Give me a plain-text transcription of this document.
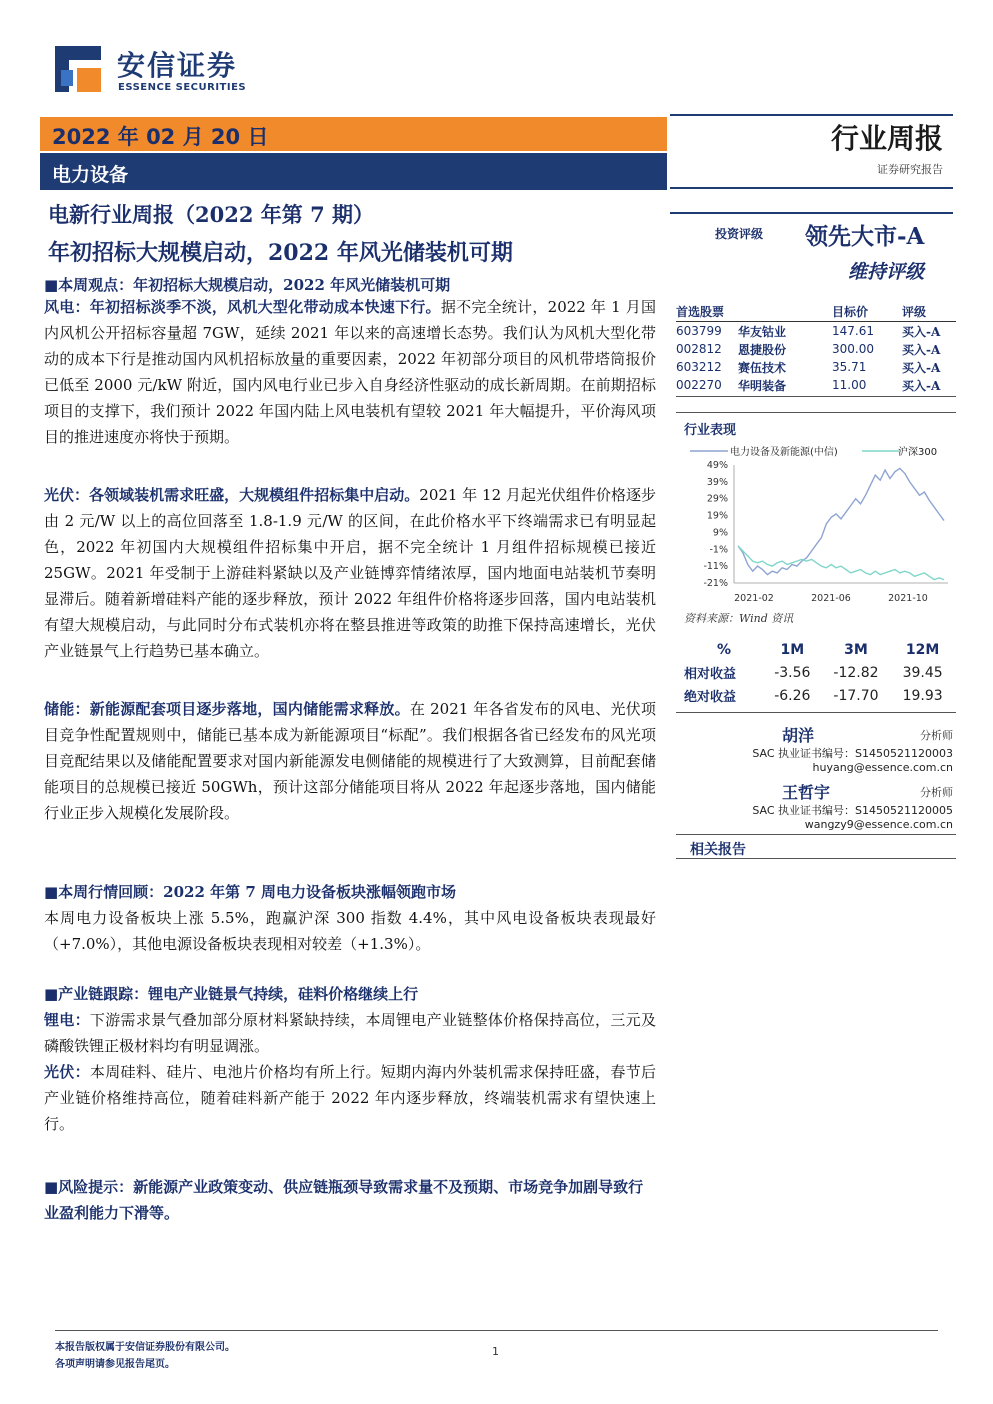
安信证券
ESSENCE SECURITIES
2022 年 02 月 20 日
电力设备
行业周报
证券研究报告
电新行业周报（2022 年第 7 期）
年初招标大规模启动，2022 年风光储装机可期
■本周观点：年初招标大规模启动，2022 年风光储装机可期
风电：年初招标淡季不淡，风机大型化带动成本快速下行。据不完全统计，2022 年 1 月国内风机公开招标容量超 7GW，延续 2021 年以来的高速增长态势。我们认为风机大型化带动的成本下行是推动国内风机招标放量的重要因素，2022 年初部分项目的风机带塔筒报价已低至 2000 元/kW 附近，国内风电行业已步入自身经济性驱动的成长新周期。在前期招标项目的支撑下，我们预计 2022 年国内陆上风电装机有望较 2021 年大幅提升，平价海风项目的推进速度亦将快于预期。
光伏：各领域装机需求旺盛，大规模组件招标集中启动。2021 年 12 月起光伏组件价格逐步由 2 元/W 以上的高位回落至 1.8-1.9 元/W 的区间，在此价格水平下终端需求已有明显起色，2022 年初国内大规模组件招标集中开启，据不完全统计 1 月组件招标规模已接近 25GW。2021 年受制于上游硅料紧缺以及产业链博弈情绪浓厚，国内地面电站装机节奏明显滞后。随着新增硅料产能的逐步释放，预计 2022 年组件价格将逐步回落，国内电站装机有望大规模启动，与此同时分布式装机亦将在整县推进等政策的助推下保持高速增长，光伏产业链景气上行趋势已基本确立。
储能：新能源配套项目逐步落地，国内储能需求释放。在 2021 年各省发布的风电、光伏项目竞争性配置规则中，储能已基本成为新能源项目“标配”。我们根据各省已经发布的风光项目竞配结果以及储能配置要求对国内新能源发电侧储能的规模进行了大致测算，目前配套储能项目的总规模已接近 50GWh，预计这部分储能项目将从 2022 年起逐步落地，国内储能行业正步入规模化发展阶段。
■本周行情回顾：2022 年第 7 周电力设备板块涨幅领跑市场
本周电力设备板块上涨 5.5%，跑赢沪深 300 指数 4.4%，其中风电设备板块表现最好（+7.0%），其他电源设备板块表现相对较差（+1.3%）。
■产业链跟踪：锂电产业链景气持续，硅料价格继续上行
锂电：下游需求景气叠加部分原材料紧缺持续，本周锂电产业链整体价格保持高位，三元及磷酸铁锂正极材料均有明显调涨。
光伏：本周硅料、硅片、电池片价格均有所上行。短期内海内外装机需求保持旺盛，春节后产业链价格维持高位，随着硅料新产能于 2022 年内逐步释放，终端装机需求有望快速上行。
■风险提示：新能源产业政策变动、供应链瓶颈导致需求量不及预期、市场竞争加剧导致行业盈利能力下滑等。
投资评级 领先大市-A
维持评级
首选股票		目标价	评级
603799	华友钴业	147.61	买入-A
002812	恩捷股份	300.00	买入-A
603212	赛伍技术	35.71	买入-A
002270	华明装备	11.00	买入-A
行业表现
49%
39%
29%
19%
9%
-1%
-11%
-21%
2021-02	2021-06	2021-10
电力设备及新能源(中信)	沪深300
资料来源：Wind 资讯
%	1M	3M	12M
相对收益	-3.56	-12.82	39.45
绝对收益	-6.26	-17.70	19.93
胡洋	分析师
SAC 执业证书编号：S1450521120003
huyang@essence.com.cn
王哲宇	分析师
SAC 执业证书编号：S1450521120005
wangzy9@essence.com.cn
相关报告
本报告版权属于安信证券股份有限公司。
各项声明请参见报告尾页。
1
